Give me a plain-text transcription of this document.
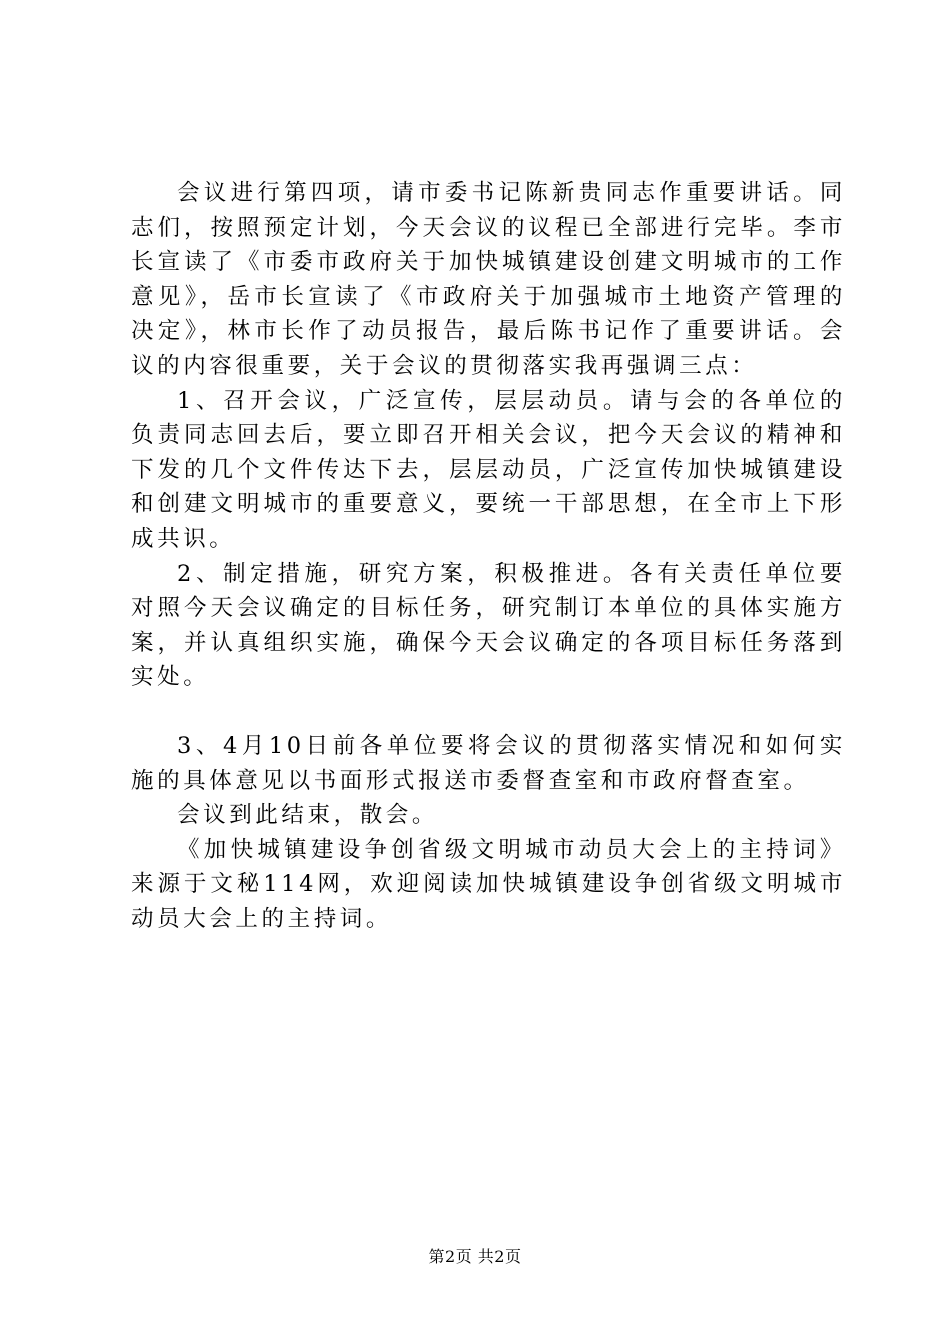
会议进行第四项，请市委书记陈新贵同志作重要讲话。同志们，按照预定计划，今天会议的议程已全部进行完毕。李市长宣读了《市委市政府关于加快城镇建设创建文明城市的工作意见》，岳市长宣读了《市政府关于加强城市土地资产管理的决定》，林市长作了动员报告，最后陈书记作了重要讲话。会议的内容很重要，关于会议的贯彻落实我再强调三点：

1、召开会议，广泛宣传，层层动员。请与会的各单位的负责同志回去后，要立即召开相关会议，把今天会议的精神和下发的几个文件传达下去，层层动员，广泛宣传加快城镇建设和创建文明城市的重要意义，要统一干部思想，在全市上下形成共识。

2、制定措施，研究方案，积极推进。各有关责任单位要对照今天会议确定的目标任务，研究制订本单位的具体实施方案，并认真组织实施，确保今天会议确定的各项目标任务落到实处。

3、4月10日前各单位要将会议的贯彻落实情况和如何实施的具体意见以书面形式报送市委督查室和市政府督查室。

会议到此结束，散会。

《加快城镇建设争创省级文明城市动员大会上的主持词》来源于文秘114网，欢迎阅读加快城镇建设争创省级文明城市动员大会上的主持词。

第2页 共2页
